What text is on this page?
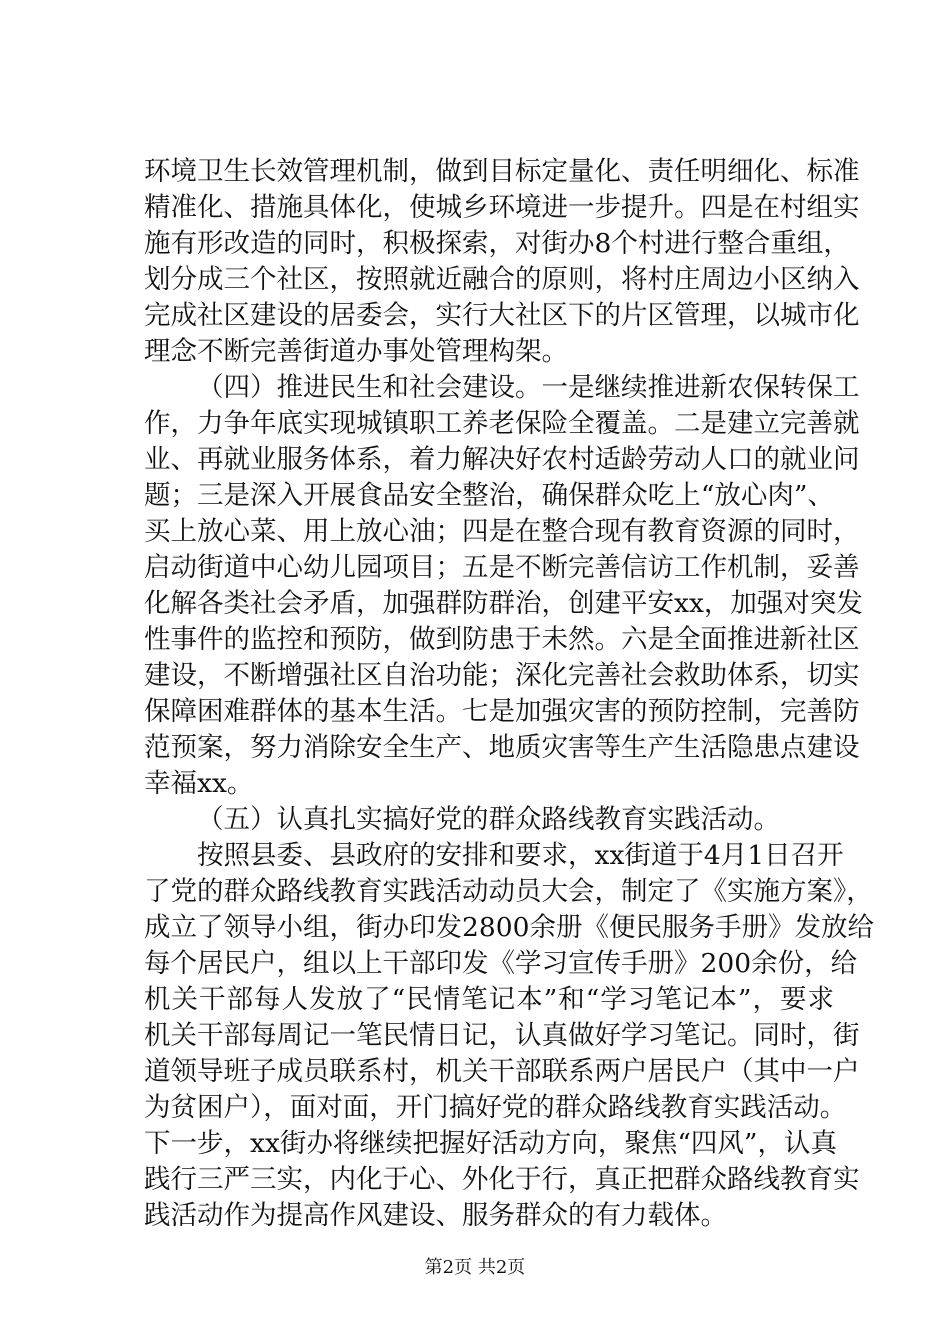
环境卫生长效管理机制，做到目标定量化、责任明细化、标准
精准化、措施具体化，使城乡环境进一步提升。四是在村组实
施有形改造的同时，积极探索，对街办8个村进行整合重组，
划分成三个社区，按照就近融合的原则，将村庄周边小区纳入
完成社区建设的居委会，实行大社区下的片区管理，以城市化
理念不断完善街道办事处管理构架。
（四）推进民生和社会建设。一是继续推进新农保转保工
作，力争年底实现城镇职工养老保险全覆盖。二是建立完善就
业、再就业服务体系，着力解决好农村适龄劳动人口的就业问
题；三是深入开展食品安全整治，确保群众吃上“放心肉”、
买上放心菜、用上放心油；四是在整合现有教育资源的同时，
启动街道中心幼儿园项目；五是不断完善信访工作机制，妥善
化解各类社会矛盾，加强群防群治，创建平安xx，加强对突发
性事件的监控和预防，做到防患于未然。六是全面推进新社区
建设，不断增强社区自治功能；深化完善社会救助体系，切实
保障困难群体的基本生活。七是加强灾害的预防控制，完善防
范预案，努力消除安全生产、地质灾害等生产生活隐患点建设
幸福xx。
（五）认真扎实搞好党的群众路线教育实践活动。
按照县委、县政府的安排和要求，xx街道于4月1日召开
了党的群众路线教育实践活动动员大会，制定了《实施方案》，
成立了领导小组，街办印发2800余册《便民服务手册》发放给
每个居民户，组以上干部印发《学习宣传手册》200余份，给
机关干部每人发放了“民情笔记本”和“学习笔记本”，要求
机关干部每周记一笔民情日记，认真做好学习笔记。同时，街
道领导班子成员联系村，机关干部联系两户居民户（其中一户
为贫困户），面对面，开门搞好党的群众路线教育实践活动。
下一步，xx街办将继续把握好活动方向，聚焦“四风”，认真
践行三严三实，内化于心、外化于行，真正把群众路线教育实
践活动作为提高作风建设、服务群众的有力载体。
第2页 共2页
